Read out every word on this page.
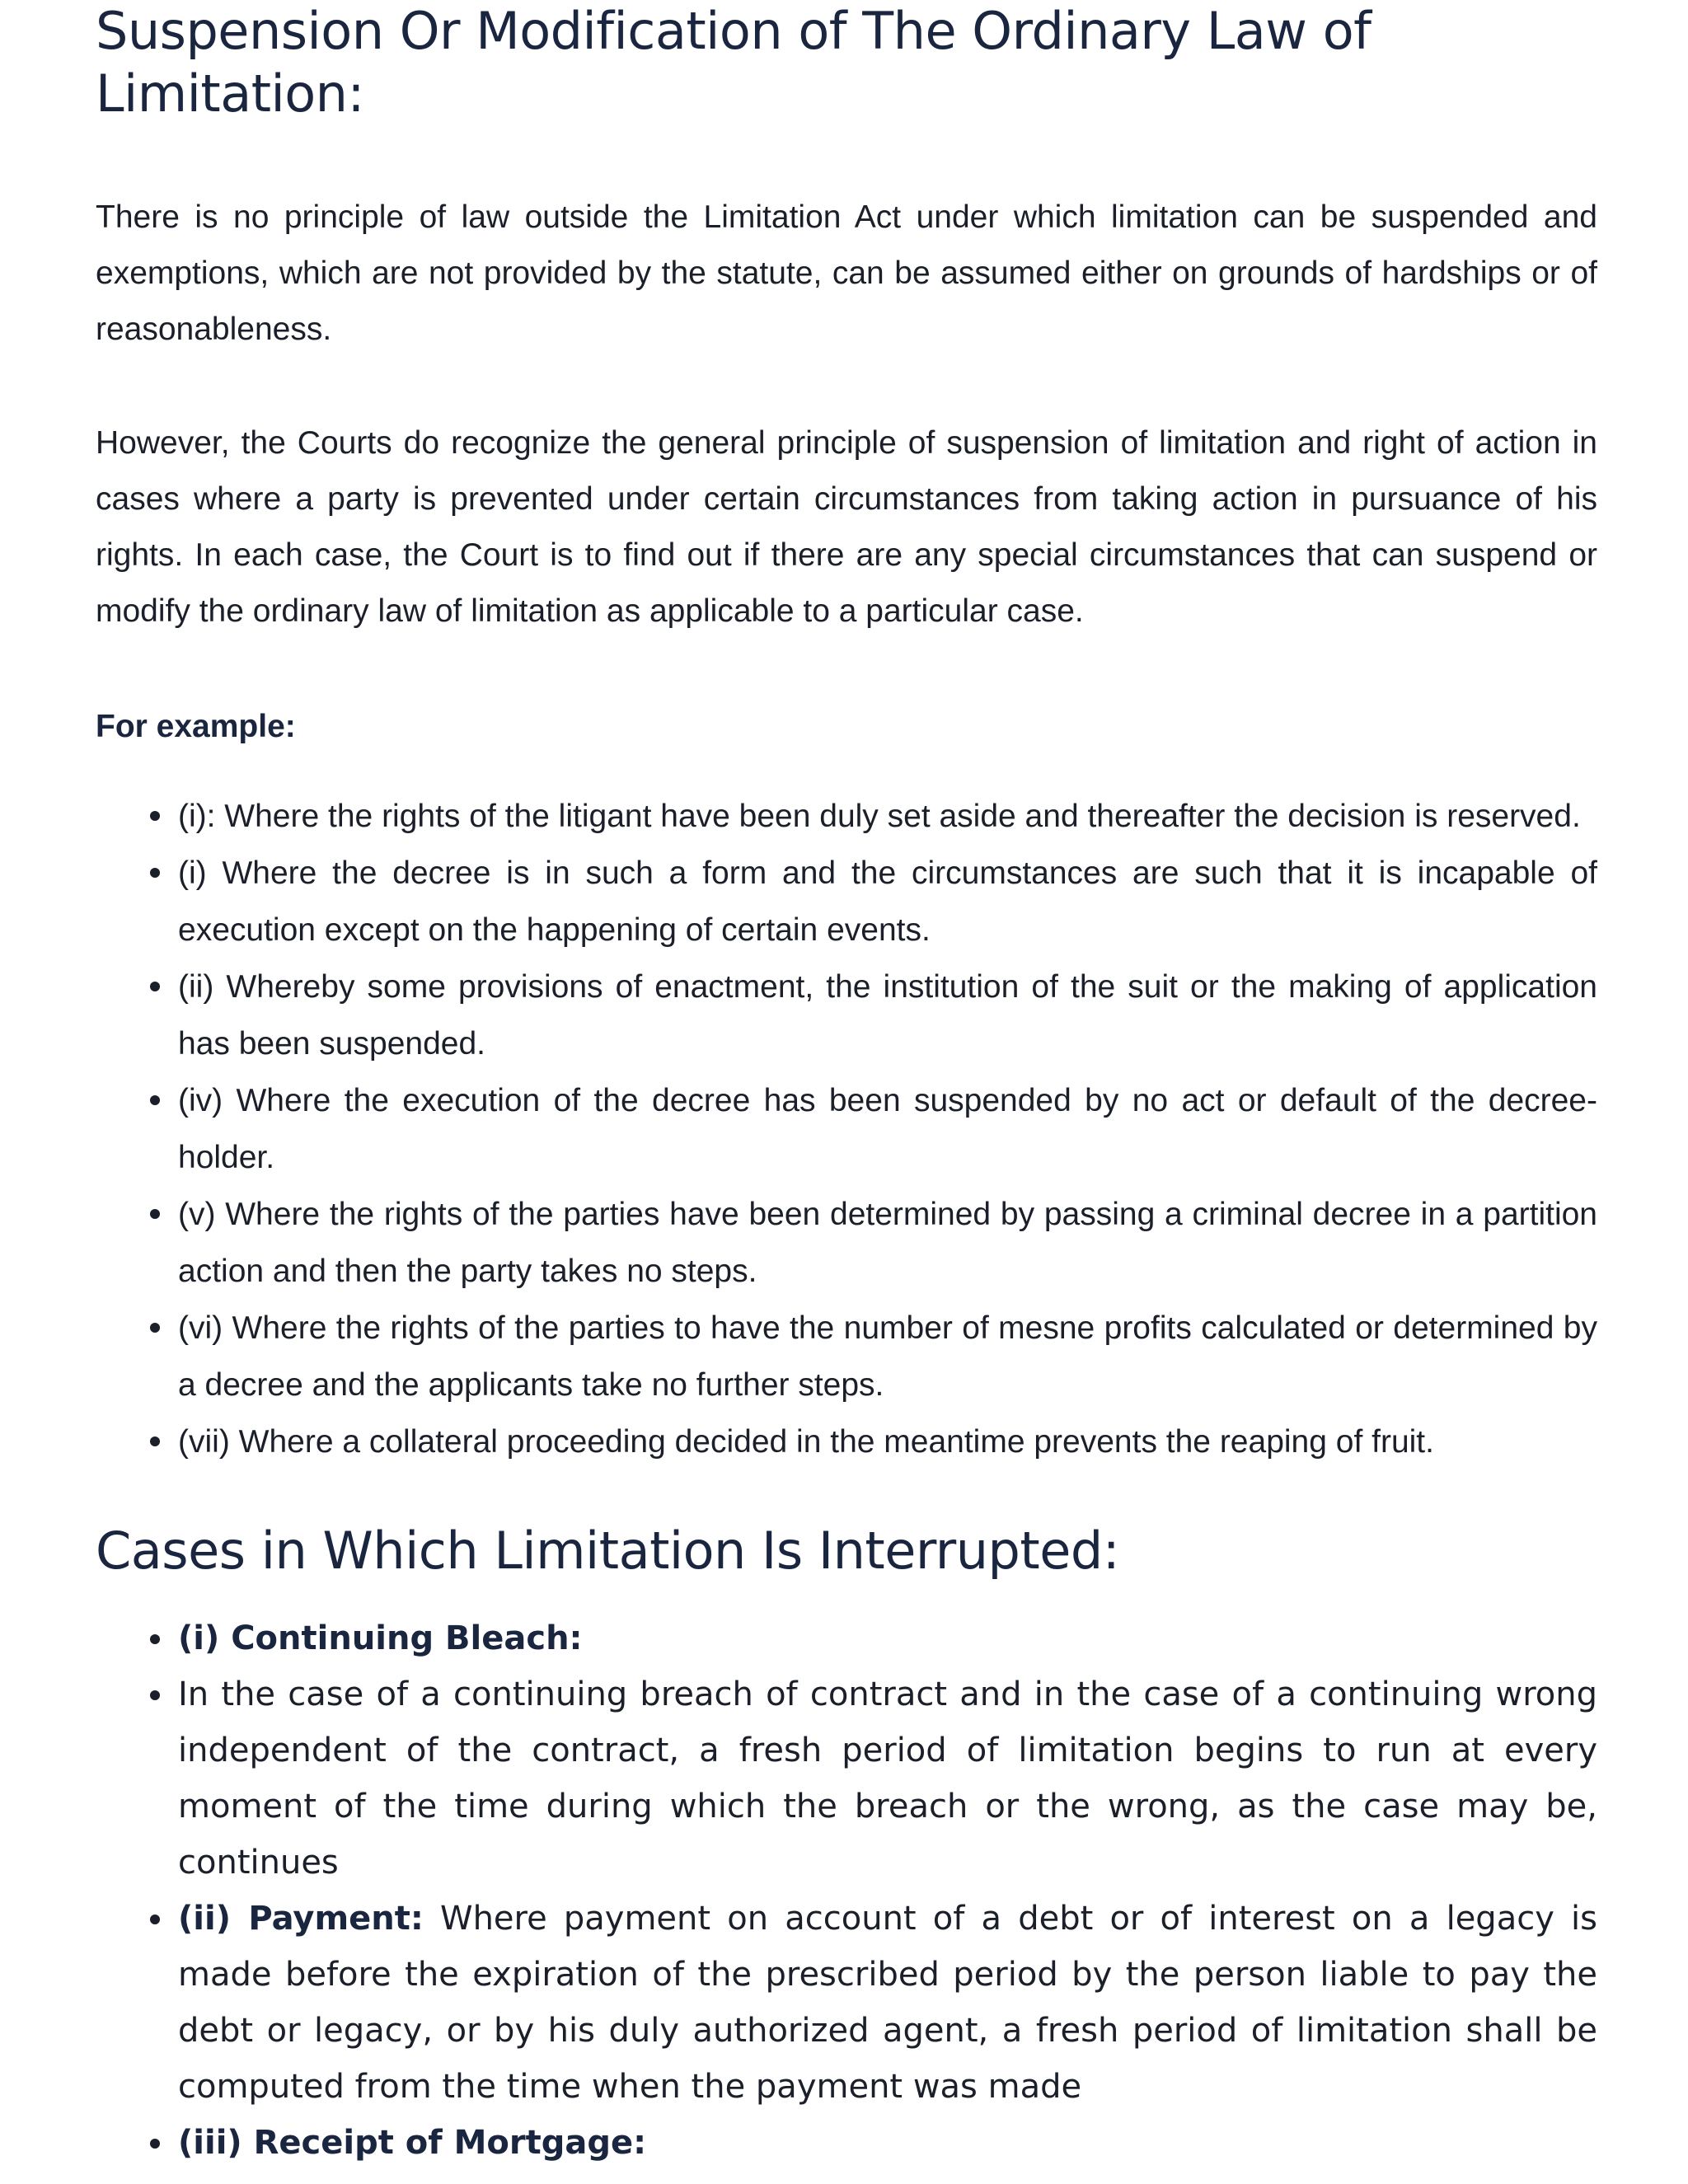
Suspension Or Modification of The Ordinary Law of Limitation:

There is no principle of law outside the Limitation Act under which limitation can be suspended and exemptions, which are not provided by the statute, can be assumed either on grounds of hardships or of reasonableness.

However, the Courts do recognize the general principle of suspension of limitation and right of action in cases where a party is prevented under certain circumstances from taking action in pursuance of his rights. In each case, the Court is to find out if there are any special circumstances that can suspend or modify the ordinary law of limitation as applicable to a particular case.

For example:

(i): Where the rights of the litigant have been duly set aside and thereafter the decision is reserved.
(i) Where the decree is in such a form and the circumstances are such that it is incapable of execution except on the happening of certain events.
(ii) Whereby some provisions of enactment, the institution of the suit or the making of application has been suspended.
(iv) Where the execution of the decree has been suspended by no act or default of the decree-holder.
(v) Where the rights of the parties have been determined by passing a criminal decree in a partition action and then the party takes no steps.
(vi) Where the rights of the parties to have the number of mesne profits calculated or determined by a decree and the applicants take no further steps.
(vii) Where a collateral proceeding decided in the meantime prevents the reaping of fruit.
Cases in Which Limitation Is Interrupted:
(i) Continuing Bleach:
In the case of a continuing breach of contract and in the case of a continuing wrong independent of the contract, a fresh period of limitation begins to run at every moment of the time during which the breach or the wrong, as the case may be, continues
(ii) Payment: Where payment on account of a debt or of interest on a legacy is made before the expiration of the prescribed period by the person liable to pay the debt or legacy, or by his duly authorized agent, a fresh period of limitation shall be computed from the time when the payment was made
(iii) Receipt of Mortgage:
